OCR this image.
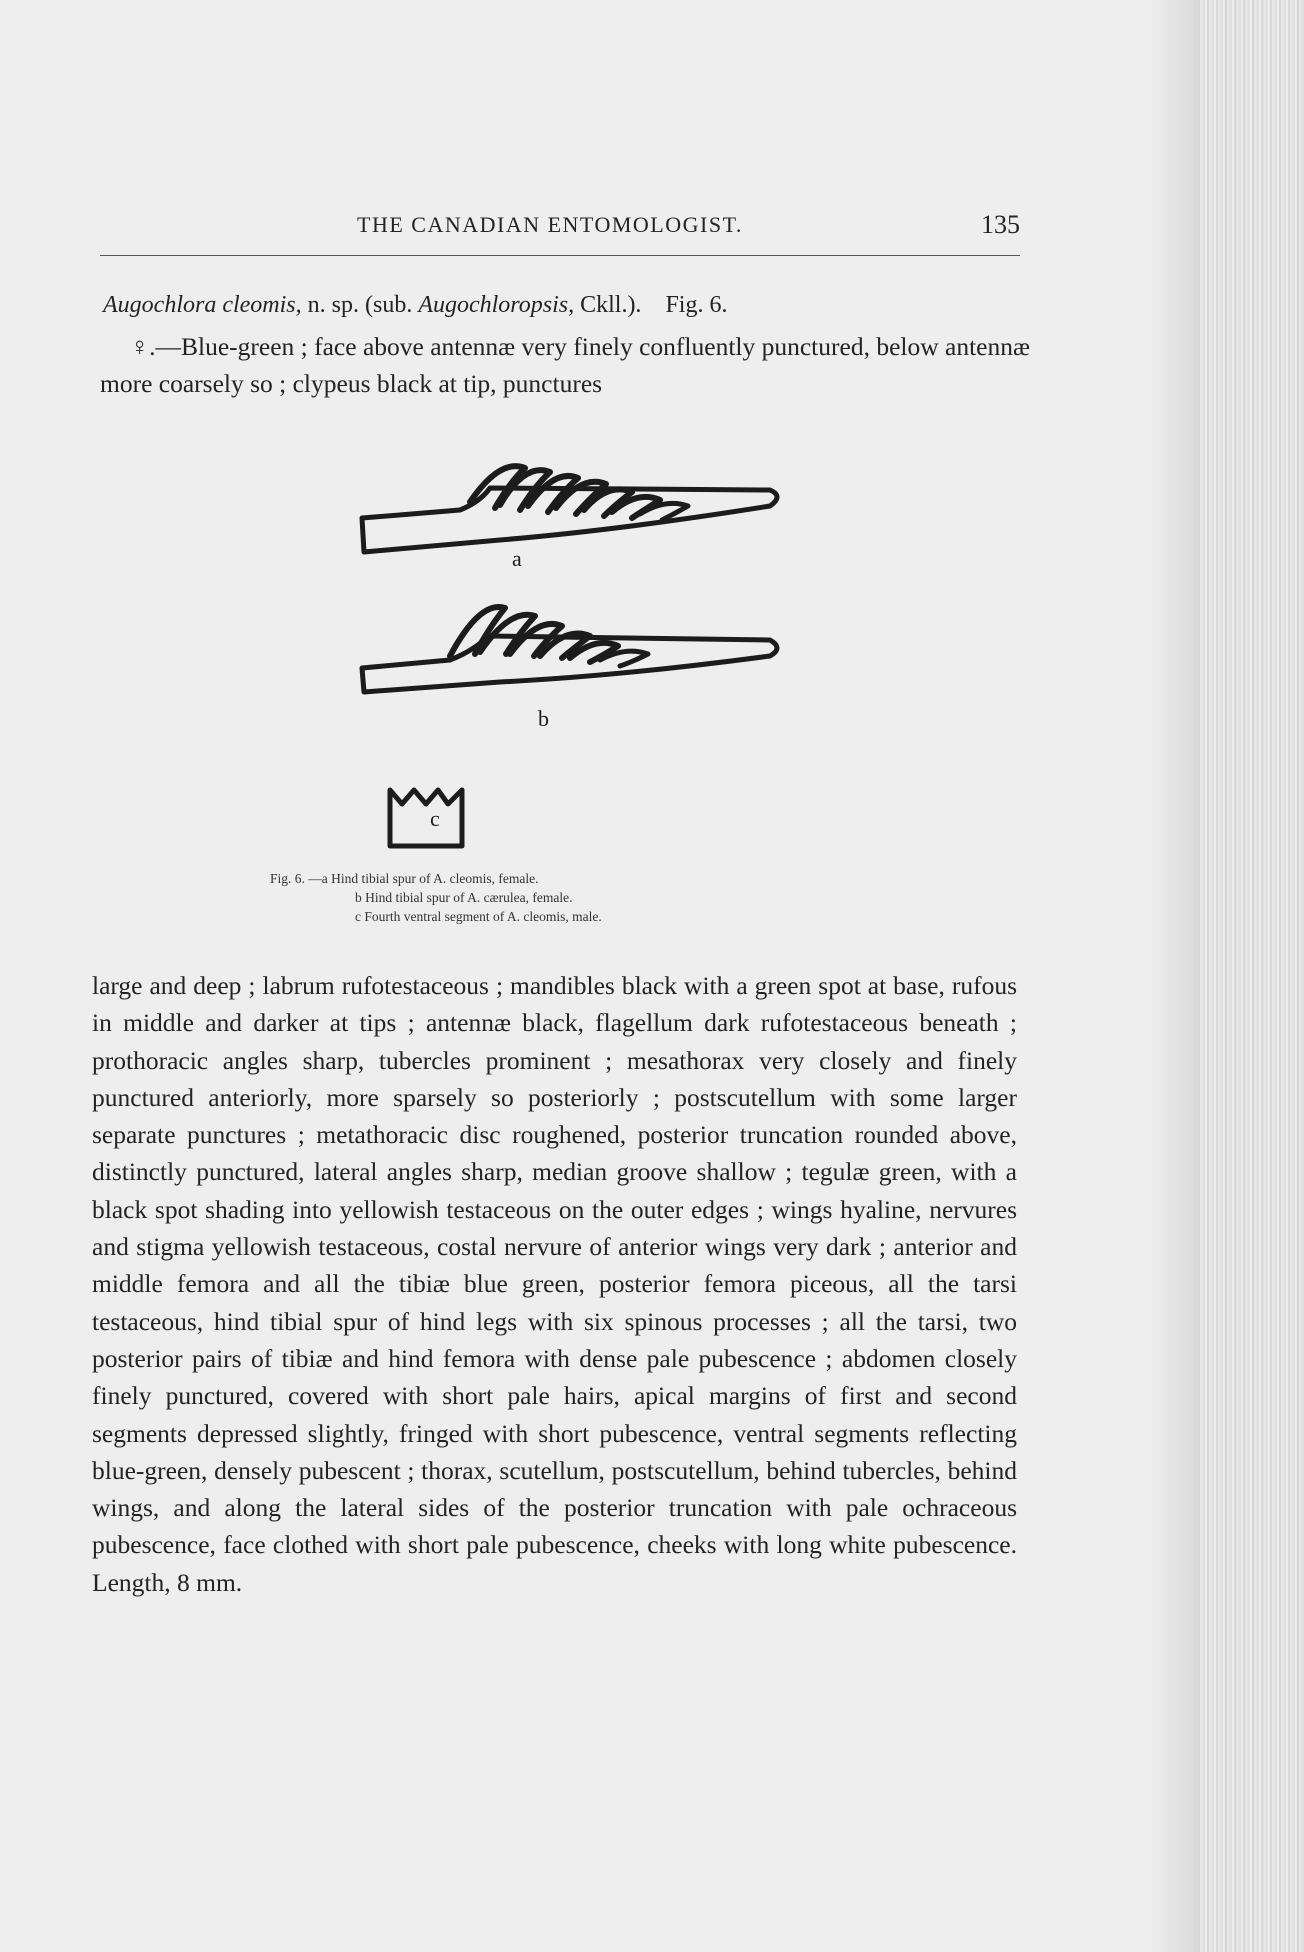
THE CANADIAN ENTOMOLOGIST.	135
Augochlora cleomis, n. sp. (sub. Augochloropsis, Ckll.). Fig. 6.

♀.—Blue-green ; face above antennæ very finely confluently punctured, below antennæ more coarsely so ; clypeus black at tip, punctures

a
b
c
Fig. 6. —a Hind tibial spur of A. cleomis, female.
b Hind tibial spur of A. cærulea, female.
c Fourth ventral segment of A. cleomis, male.

large and deep ; labrum rufotestaceous ; mandibles black with a green spot at base, rufous in middle and darker at tips ; antennæ black, flagellum dark rufotestaceous beneath ; prothoracic angles sharp, tubercles prominent ; mesathorax very closely and finely punctured anteriorly, more sparsely so posteriorly ; postscutellum with some larger separate punctures ; metathoracic disc roughened, posterior truncation rounded above, distinctly punctured, lateral angles sharp, median groove shallow ; tegulæ green, with a black spot shading into yellowish testaceous on the outer edges ; wings hyaline, nervures and stigma yellowish testaceous, costal nervure of anterior wings very dark ; anterior and middle femora and all the tibiæ blue green, posterior femora piceous, all the tarsi testaceous, hind tibial spur of hind legs with six spinous processes ; all the tarsi, two posterior pairs of tibiæ and hind femora with dense pale pubescence ; abdomen closely finely punctured, covered with short pale hairs, apical margins of first and second segments depressed slightly, fringed with short pubescence, ventral segments reflecting blue-green, densely pubescent ; thorax, scutellum, postscutellum, behind tubercles, behind wings, and along the lateral sides of the posterior truncation with pale ochraceous pubescence, face clothed with short pale pubescence, cheeks with long white pubescence. Length, 8 mm.
